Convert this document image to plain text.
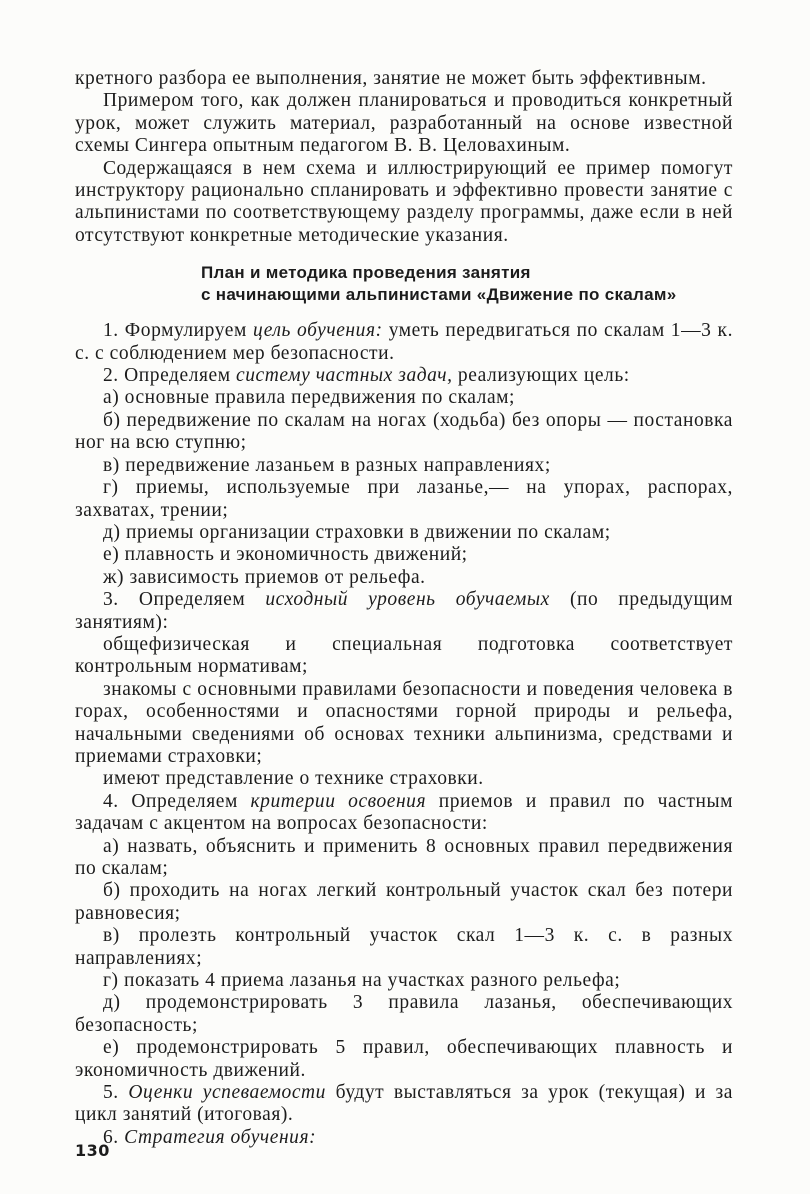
кретного разбора ее выполнения, занятие не может быть эффективным.

Примером того, как должен планироваться и проводиться конкретный урок, может служить материал, разработанный на основе известной схемы Сингера опытным педагогом В. В. Целовахиным.

Содержащаяся в нем схема и иллюстрирующий ее пример помогут инструктору рационально спланировать и эффективно провести занятие с альпинистами по соответствующему разделу программы, даже если в ней отсутствуют конкретные методические указания.

План и методика проведения занятия
с начинающими альпинистами «Движение по скалам»

1. Формулируем цель обучения: уметь передвигаться по скалам 1—3 к. с. с соблюдением мер безопасности.

2. Определяем систему частных задач, реализующих цель:

а) основные правила передвижения по скалам;

б) передвижение по скалам на ногах (ходьба) без опоры — постановка ног на всю ступню;

в) передвижение лазаньем в разных направлениях;

г) приемы, используемые при лазанье,— на упорах, распорах, захватах, трении;

д) приемы организации страховки в движении по скалам;

е) плавность и экономичность движений;

ж) зависимость приемов от рельефа.

3. Определяем исходный уровень обучаемых (по предыдущим занятиям):

общефизическая и специальная подготовка соответствует контрольным нормативам;

знакомы с основными правилами безопасности и поведения человека в горах, особенностями и опасностями горной природы и рельефа, начальными сведениями об основах техники альпинизма, средствами и приемами страховки;

имеют представление о технике страховки.

4. Определяем критерии освоения приемов и правил по частным задачам с акцентом на вопросах безопасности:

а) назвать, объяснить и применить 8 основных правил передвижения по скалам;

б) проходить на ногах легкий контрольный участок скал без потери равновесия;

в) пролезть контрольный участок скал 1—3 к. с. в разных направлениях;

г) показать 4 приема лазанья на участках разного рельефа;

д) продемонстрировать 3 правила лазанья, обеспечивающих безопасность;

е) продемонстрировать 5 правил, обеспечивающих плавность и экономичность движений.

5. Оценки успеваемости будут выставляться за урок (текущая) и за цикл занятий (итоговая).

6. Стратегия обучения:

130
